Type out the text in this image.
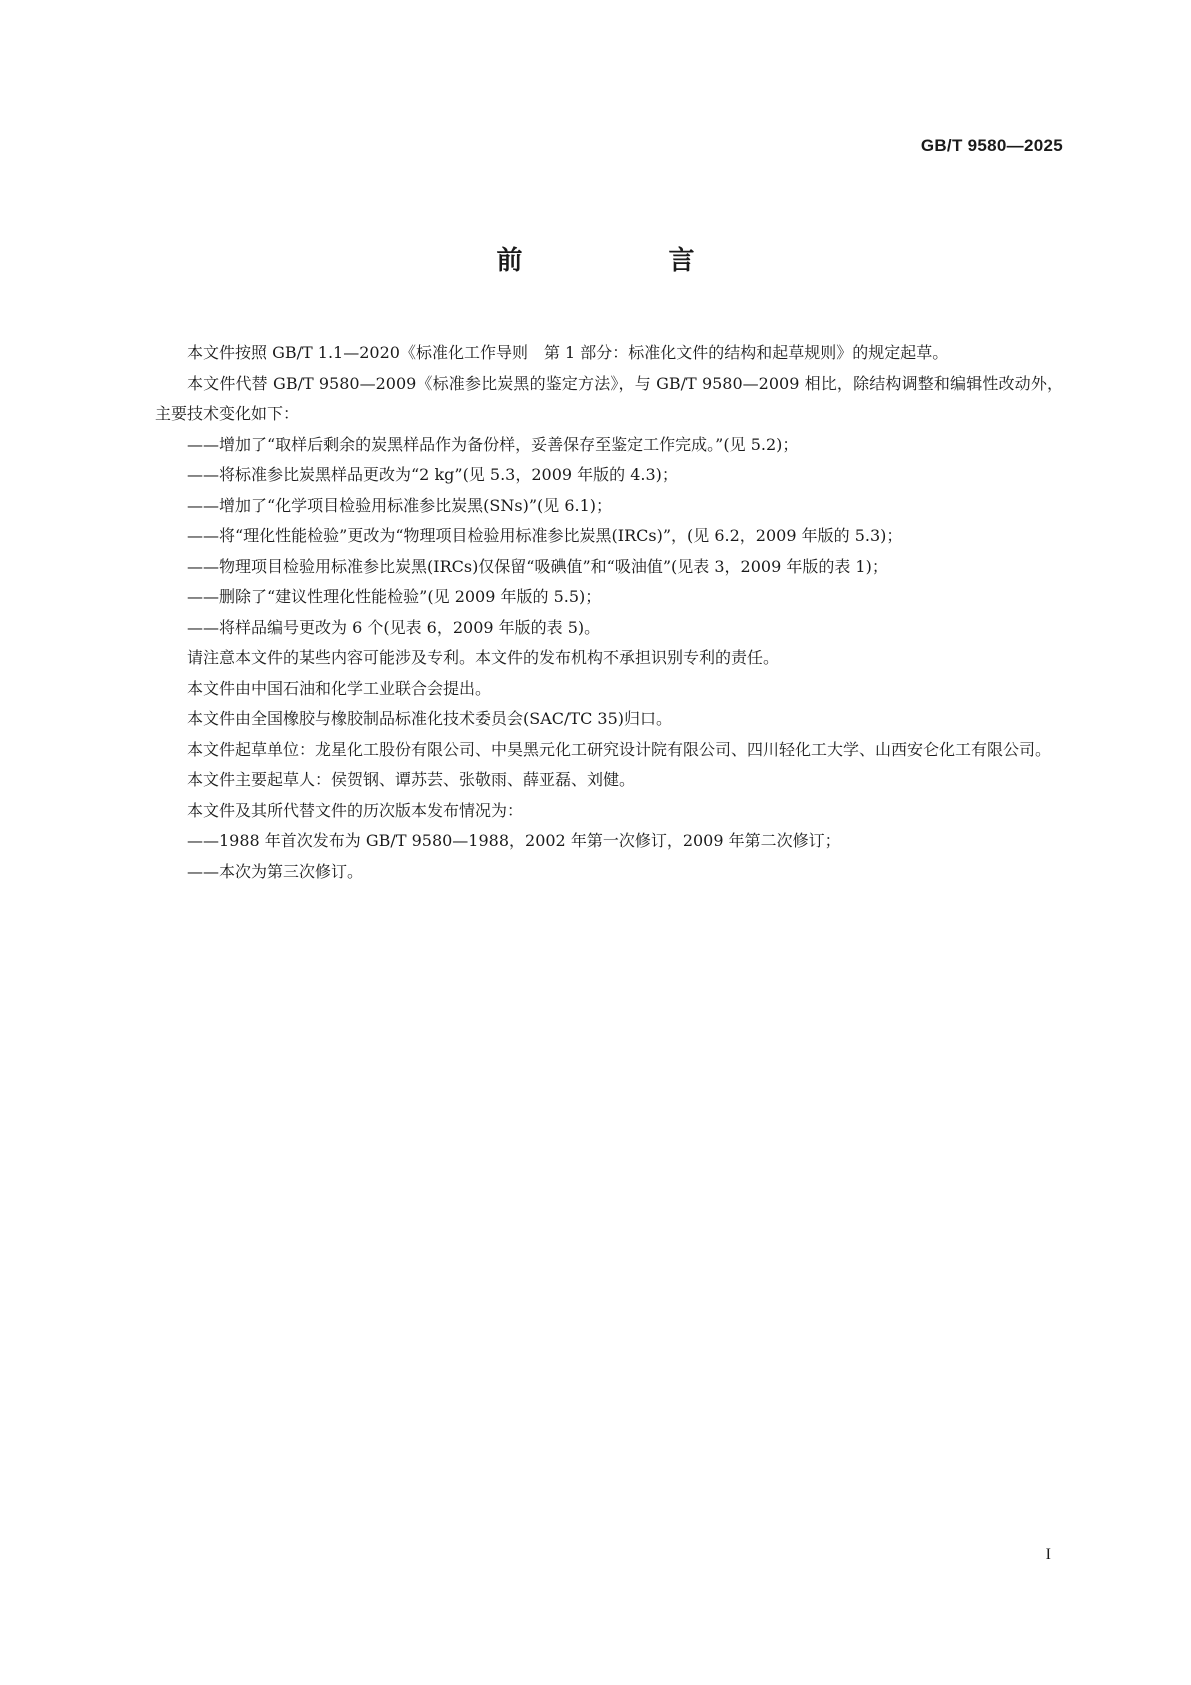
GB/T 9580—2025
前　言

本文件按照 GB/T 1.1—2020《标准化工作导则　第 1 部分：标准化文件的结构和起草规则》的规定起草。

本文件代替 GB/T 9580—2009《标准参比炭黑的鉴定方法》，与 GB/T 9580—2009 相比，除结构调整和编辑性改动外，主要技术变化如下：

——增加了“取样后剩余的炭黑样品作为备份样，妥善保存至鉴定工作完成。”(见 5.2)；

——将标准参比炭黑样品更改为“2 kg”(见 5.3，2009 年版的 4.3)；

——增加了“化学项目检验用标准参比炭黑(SNs)”(见 6.1)；

——将“理化性能检验”更改为“物理项目检验用标准参比炭黑(IRCs)”，(见 6.2，2009 年版的 5.3)；

——物理项目检验用标准参比炭黑(IRCs)仅保留“吸碘值”和“吸油值”(见表 3，2009 年版的表 1)；

——删除了“建议性理化性能检验”(见 2009 年版的 5.5)；

——将样品编号更改为 6 个(见表 6，2009 年版的表 5)。

请注意本文件的某些内容可能涉及专利。本文件的发布机构不承担识别专利的责任。

本文件由中国石油和化学工业联合会提出。

本文件由全国橡胶与橡胶制品标准化技术委员会(SAC/TC 35)归口。

本文件起草单位：龙星化工股份有限公司、中昊黑元化工研究设计院有限公司、四川轻化工大学、山西安仑化工有限公司。

本文件主要起草人：侯贺钢、谭苏芸、张敬雨、薛亚磊、刘健。

本文件及其所代替文件的历次版本发布情况为：

——1988 年首次发布为 GB/T 9580—1988，2002 年第一次修订，2009 年第二次修订；

——本次为第三次修订。

I
